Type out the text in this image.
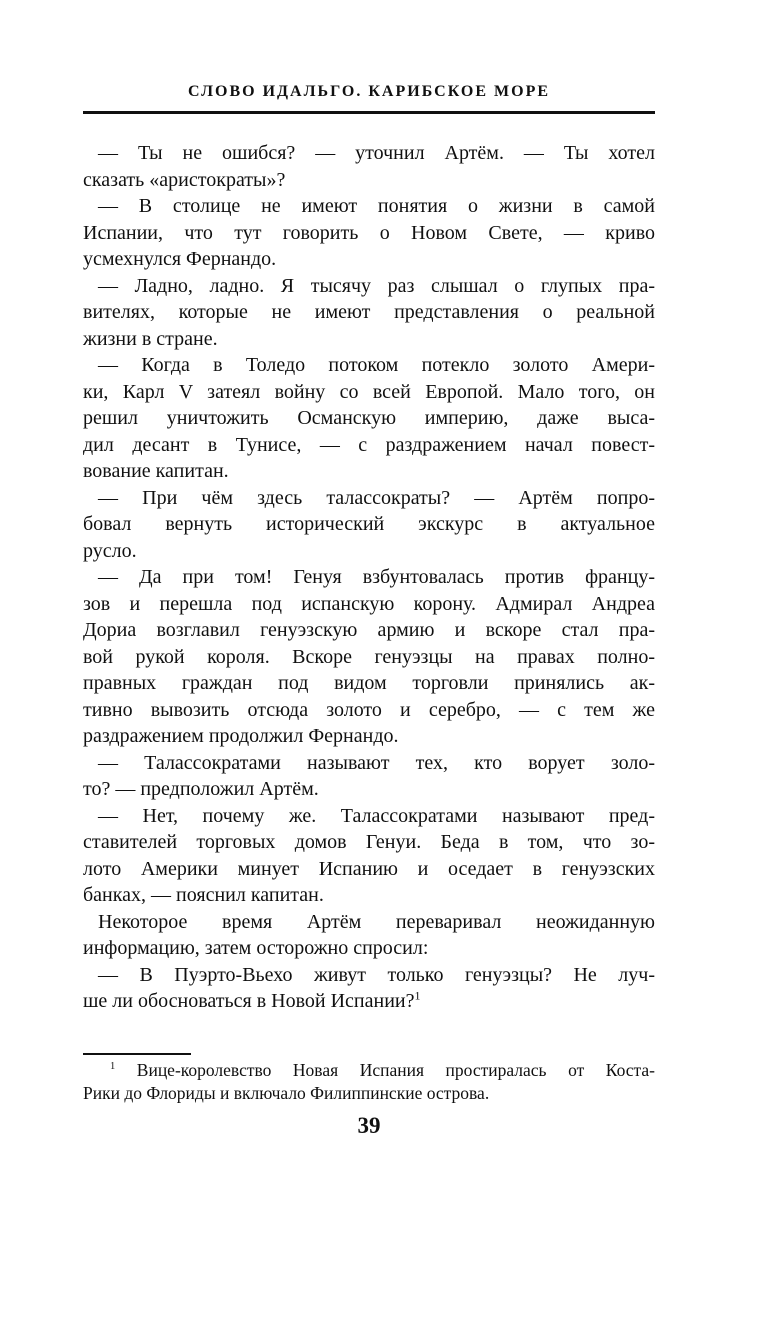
СЛОВО ИДАЛЬГО. КАРИБСКОЕ МОРЕ
— Ты не ошибся? — уточнил Артём. — Ты хотел
сказать «аристократы»?
— В столице не имеют понятия о жизни в самой
Испании, что тут говорить о Новом Свете, — криво
усмехнулся Фернандо.
— Ладно, ладно. Я тысячу раз слышал о глупых пра-
вителях, которые не имеют представления о реальной
жизни в стране.
— Когда в Толедо потоком потекло золото Амери-
ки, Карл V затеял войну со всей Европой. Мало того, он
решил уничтожить Османскую империю, даже выса-
дил десант в Тунисе, — с раздражением начал повест-
вование капитан.
— При чём здесь талассократы? — Артём попро-
бовал вернуть исторический экскурс в актуальное
русло.
— Да при том! Генуя взбунтовалась против францу-
зов и перешла под испанскую корону. Адмирал Андреа
Дориа возглавил генуэзскую армию и вскоре стал пра-
вой рукой короля. Вскоре генуэзцы на правах полно-
правных граждан под видом торговли принялись ак-
тивно вывозить отсюда золото и серебро, — с тем же
раздражением продолжил Фернандо.
— Талассократами называют тех, кто ворует золо-
то? — предположил Артём.
— Нет, почему же. Талассократами называют пред-
ставителей торговых домов Генуи. Беда в том, что зо-
лото Америки минует Испанию и оседает в генуэзских
банках, — пояснил капитан.
Некоторое время Артём переваривал неожиданную
информацию, затем осторожно спросил:
— В Пуэрто-Вьехо живут только генуэзцы? Не луч-
ше ли обосноваться в Новой Испании?$^1$
$^1$ Вице-королевство Новая Испания простиралась от Коста-
Рики до Флориды и включало Филиппинские острова.
39
